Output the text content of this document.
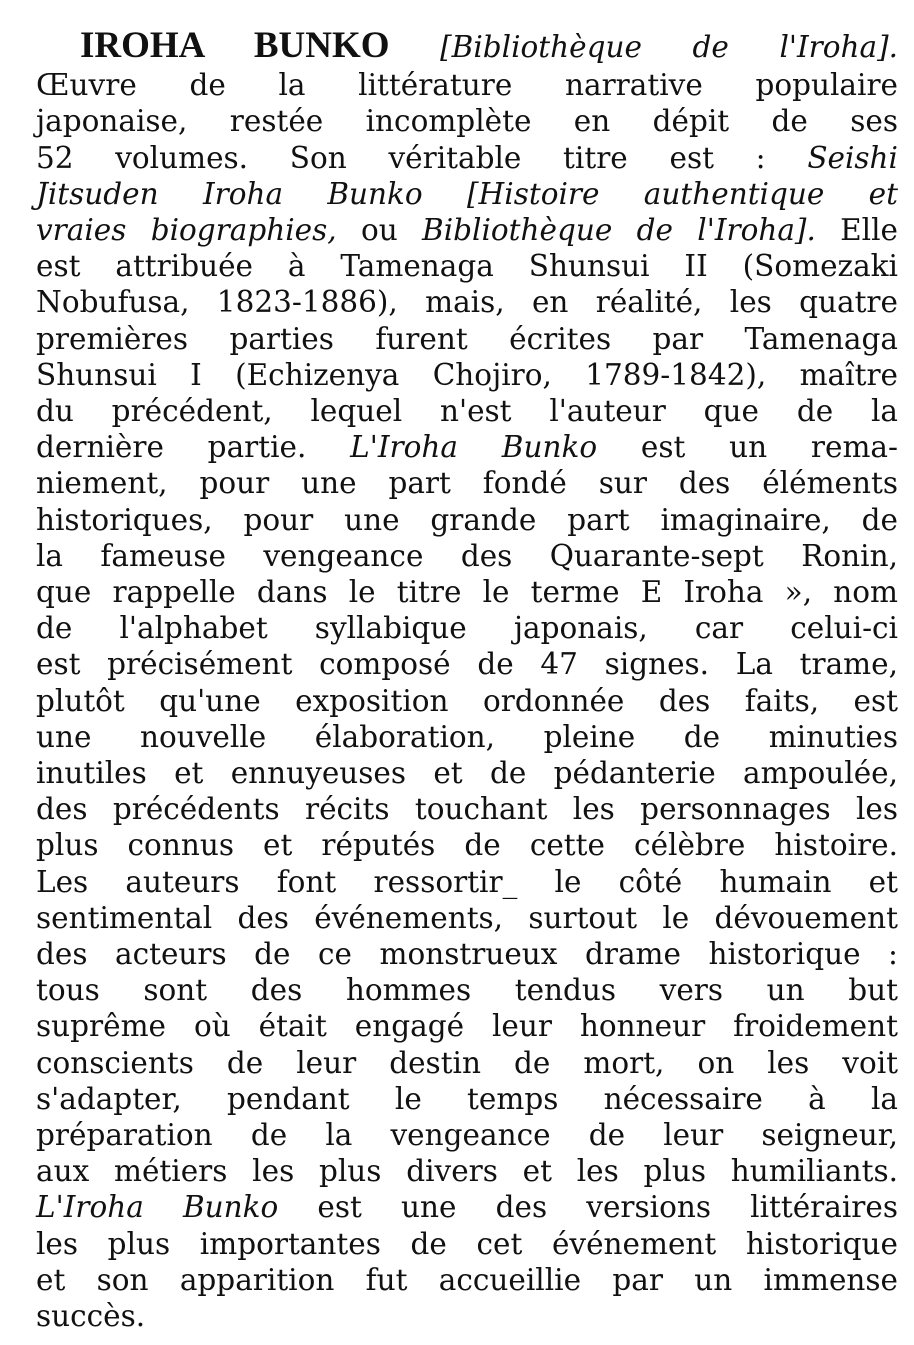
IROHA BUNKO [Bibliothèque de l'Iroha].
Œuvre de la littérature narrative populaire
japonaise, restée incomplète en dépit de ses
52 volumes. Son véritable titre est : Seishi
Jitsuden Iroha Bunko [Histoire authentique et
vraies biographies, ou Bibliothèque de l'Iroha]. Elle
est attribuée à Tamenaga Shunsui II (Somezaki
Nobufusa, 1823-1886), mais, en réalité, les quatre
premières parties furent écrites par Tamenaga
Shunsui I (Echizenya Chojiro, 1789-1842), maître
du précédent, lequel n'est l'auteur que de la
dernière partie. L'Iroha Bunko est un rema-
niement, pour une part fondé sur des éléments
historiques, pour une grande part imaginaire, de
la fameuse vengeance des Quarante-sept Ronin,
que rappelle dans le titre le terme E Iroha », nom
de l'alphabet syllabique japonais, car celui-ci
est précisément composé de 47 signes. La trame,
plutôt qu'une exposition ordonnée des faits, est
une nouvelle élaboration, pleine de minuties
inutiles et ennuyeuses et de pédanterie ampoulée,
des précédents récits touchant les personnages les
plus connus et réputés de cette célèbre histoire.
Les auteurs font ressortir_ le côté humain et
sentimental des événements, surtout le dévouement
des acteurs de ce monstrueux drame historique :
tous sont des hommes tendus vers un but
suprême où était engagé leur honneur froidement
conscients de leur destin de mort, on les voit
s'adapter, pendant le temps nécessaire à la
préparation de la vengeance de leur seigneur,
aux métiers les plus divers et les plus humiliants.
L'Iroha Bunko est une des versions littéraires
les plus importantes de cet événement historique
et son apparition fut accueillie par un immense
succès.
